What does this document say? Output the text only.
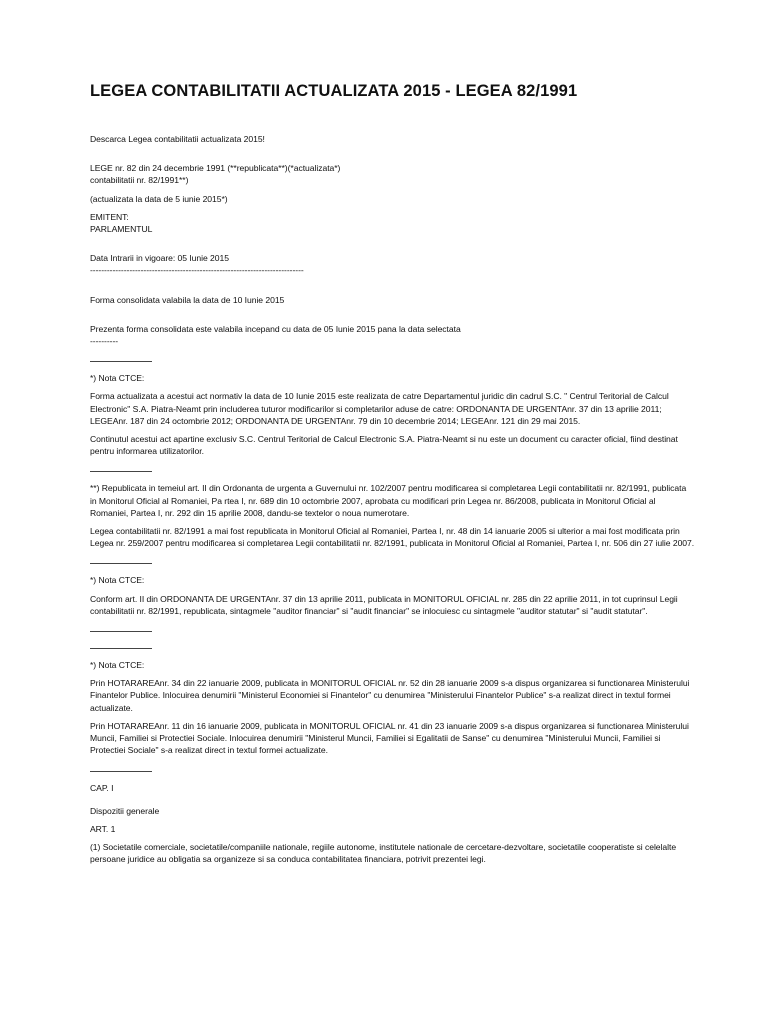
LEGEA CONTABILITATII ACTUALIZATA 2015 - LEGEA 82/1991

Descarca Legea contabilitatii actualizata 2015!

LEGE nr. 82 din 24 decembrie 1991 (**republicata**)(*actualizata*)

contabilitatii nr. 82/1991**)

(actualizata la data de 5 iunie 2015*)

EMITENT:

PARLAMENTUL

Data Intrarii in vigoare: 05 Iunie 2015

----------------------------------------------------------------------------

Forma consolidata valabila la data de 10 Iunie 2015

Prezenta forma consolidata este valabila incepand cu data de 05 Iunie 2015 pana la data selectata

----------

*) Nota CTCE:

Forma actualizata a acestui act normativ la data de 10 Iunie 2015 este realizata de catre Departamentul juridic din cadrul S.C. " Centrul Teritorial de Calcul Electronic" S.A. Piatra-Neamt prin includerea tuturor modificarilor si completarilor aduse de catre: ORDONANTA DE URGENTAnr. 37 din 13 aprilie 2011; LEGEAnr. 187 din 24 octombrie 2012; ORDONANTA DE URGENTAnr. 79 din 10 decembrie 2014; LEGEAnr. 121 din 29 mai 2015.

Continutul acestui act apartine exclusiv S.C. Centrul Teritorial de Calcul Electronic S.A. Piatra-Neamt si nu este un document cu caracter oficial, fiind destinat pentru informarea utilizatorilor.

**) Republicata in temeiul art. II din Ordonanta de urgenta a Guvernului nr. 102/2007 pentru modificarea si completarea Legii contabilitatii nr. 82/1991, publicata in Monitorul Oficial al Romaniei, Pa rtea I, nr. 689 din 10 octombrie 2007, aprobata cu modificari prin Legea nr. 86/2008, publicata in Monitorul Oficial al Romaniei, Partea I, nr. 292 din 15 aprilie 2008, dandu-se textelor o noua numerotare.

Legea contabilitatii nr. 82/1991 a mai fost republicata in Monitorul Oficial al Romaniei, Partea I, nr. 48 din 14 ianuarie 2005 si ulterior a mai fost modificata prin Legea nr. 259/2007 pentru modificarea si completarea Legii contabilitatii nr. 82/1991, publicata in Monitorul Oficial al Romaniei, Partea I, nr. 506 din 27 iulie 2007.

*) Nota CTCE:

Conform art. II din ORDONANTA DE URGENTAnr. 37 din 13 aprilie 2011, publicata in MONITORUL OFICIAL nr. 285 din 22 aprilie 2011, in tot cuprinsul Legii contabilitatii nr. 82/1991, republicata, sintagmele "auditor financiar" si "audit financiar" se inlocuiesc cu sintagmele "auditor statutar" si "audit statutar".

*) Nota CTCE:

Prin HOTARAREAnr. 34 din 22 ianuarie 2009, publicata in MONITORUL OFICIAL nr. 52 din 28 ianuarie 2009 s-a dispus organizarea si functionarea Ministerului Finantelor Publice. Inlocuirea denumirii "Ministerul Economiei si Finantelor" cu denumirea "Ministerului Finantelor Publice" s-a realizat direct in textul formei actualizate.

Prin HOTARAREAnr. 11 din 16 ianuarie 2009, publicata in MONITORUL OFICIAL nr. 41 din 23 ianuarie 2009 s-a dispus organizarea si functionarea Ministerului Muncii, Familiei si Protectiei Sociale. Inlocuirea denumirii "Ministerul Muncii, Familiei si Egalitatii de Sanse" cu denumirea "Ministerului Muncii, Familiei si Protectiei Sociale" s-a realizat direct in textul formei actualizate.

CAP. I

Dispozitii generale

ART. 1

(1) Societatile comerciale, societatile/companiile nationale, regiile autonome, institutele nationale de cercetare-dezvoltare, societatile cooperatiste si celelalte persoane juridice au obligatia sa organizeze si sa conduca contabilitatea financiara, potrivit prezentei legi.
